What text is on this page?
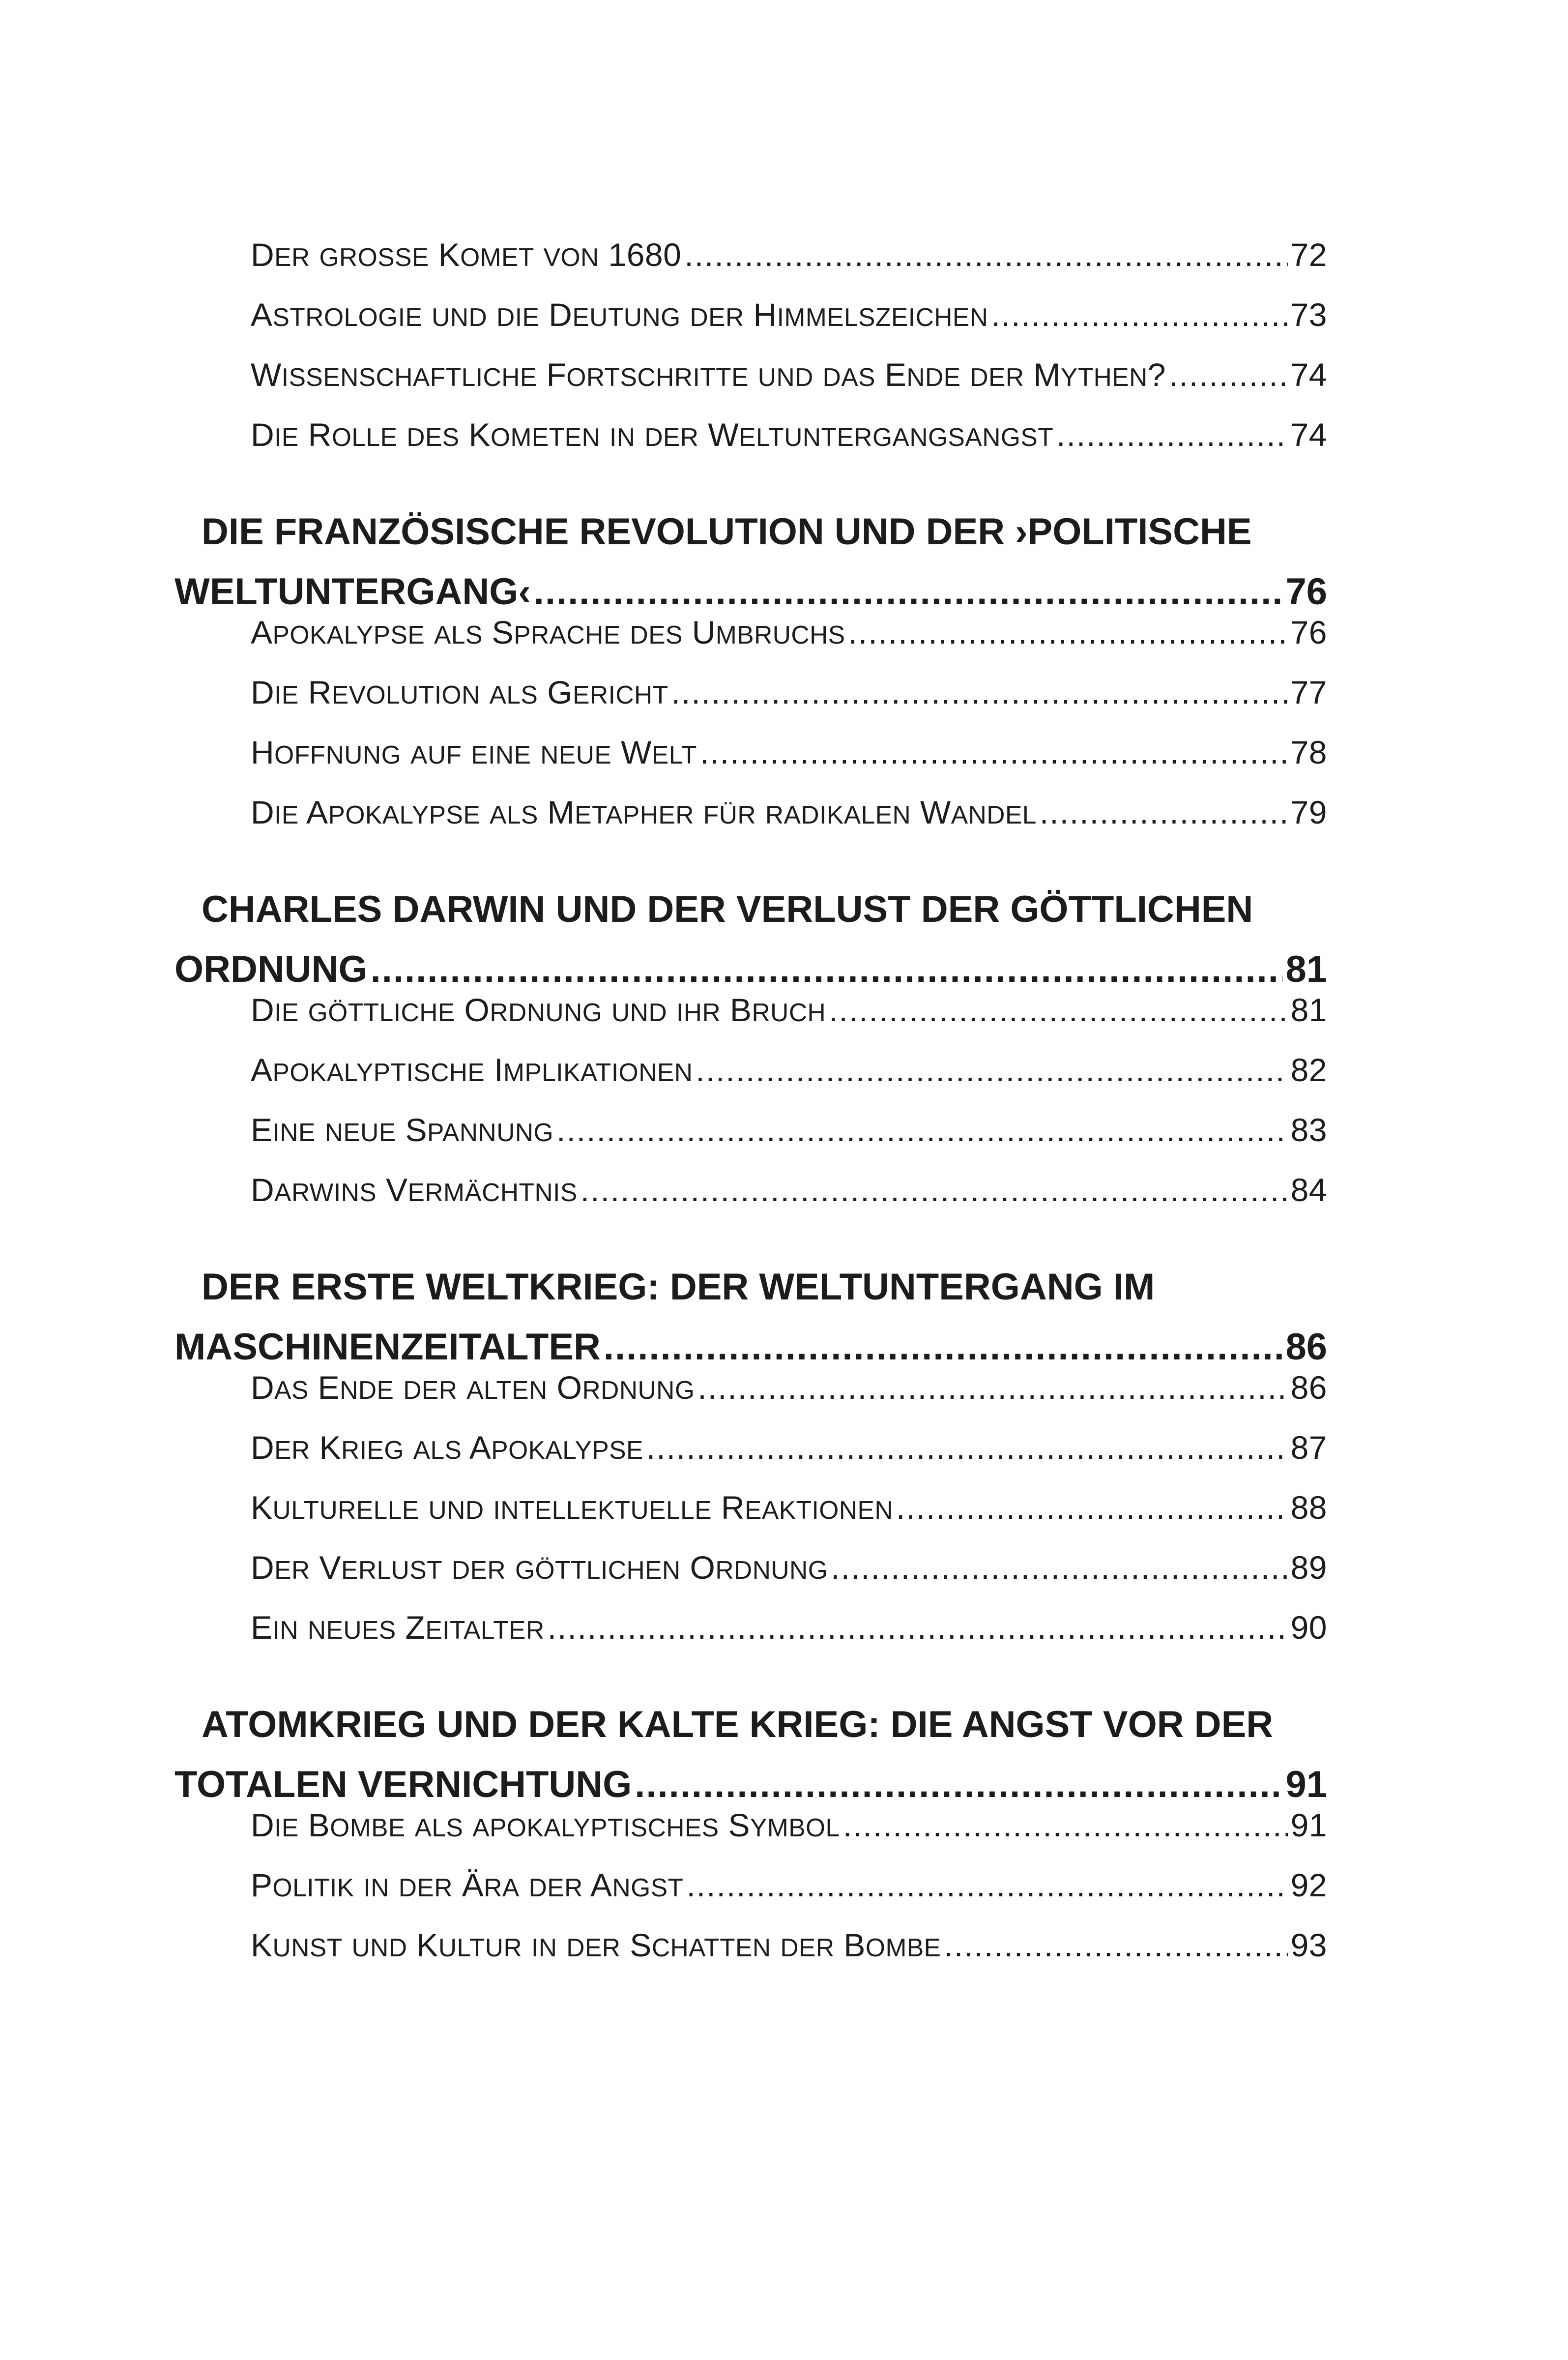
DER GROSSE KOMET VON 1680 .....	72
ASTROLOGIE UND DIE DEUTUNG DER HIMMELSZEICHEN .....	73
WISSENSCHAFTLICHE FORTSCHRITTE UND DAS ENDE DER MYTHEN? .....	74
DIE ROLLE DES KOMETEN IN DER WELTUNTERGANGSANGST .....	74
DIE FRANZÖSISCHE REVOLUTION UND DER ›POLITISCHE
WELTUNTERGANG‹ .....	76
APOKALYPSE ALS SPRACHE DES UMBRUCHS .....	76
DIE REVOLUTION ALS GERICHT .....	77
HOFFNUNG AUF EINE NEUE WELT .....	78
DIE APOKALYPSE ALS METAPHER FÜR RADIKALEN WANDEL .....	79
CHARLES DARWIN UND DER VERLUST DER GÖTTLICHEN
ORDNUNG .....	81
DIE GÖTTLICHE ORDNUNG UND IHR BRUCH .....	81
APOKALYPTISCHE IMPLIKATIONEN .....	82
EINE NEUE SPANNUNG .....	83
DARWINS VERMÄCHTNIS .....	84
DER ERSTE WELTKRIEG: DER WELTUNTERGANG IM
MASCHINENZEITALTER .....	86
DAS ENDE DER ALTEN ORDNUNG .....	86
DER KRIEG ALS APOKALYPSE .....	87
KULTURELLE UND INTELLEKTUELLE REAKTIONEN .....	88
DER VERLUST DER GÖTTLICHEN ORDNUNG .....	89
EIN NEUES ZEITALTER .....	90
ATOMKRIEG UND DER KALTE KRIEG: DIE ANGST VOR DER
TOTALEN VERNICHTUNG .....	91
DIE BOMBE ALS APOKALYPTISCHES SYMBOL .....	91
POLITIK IN DER ÄRA DER ANGST .....	92
KUNST UND KULTUR IN DER SCHATTEN DER BOMBE .....	93
